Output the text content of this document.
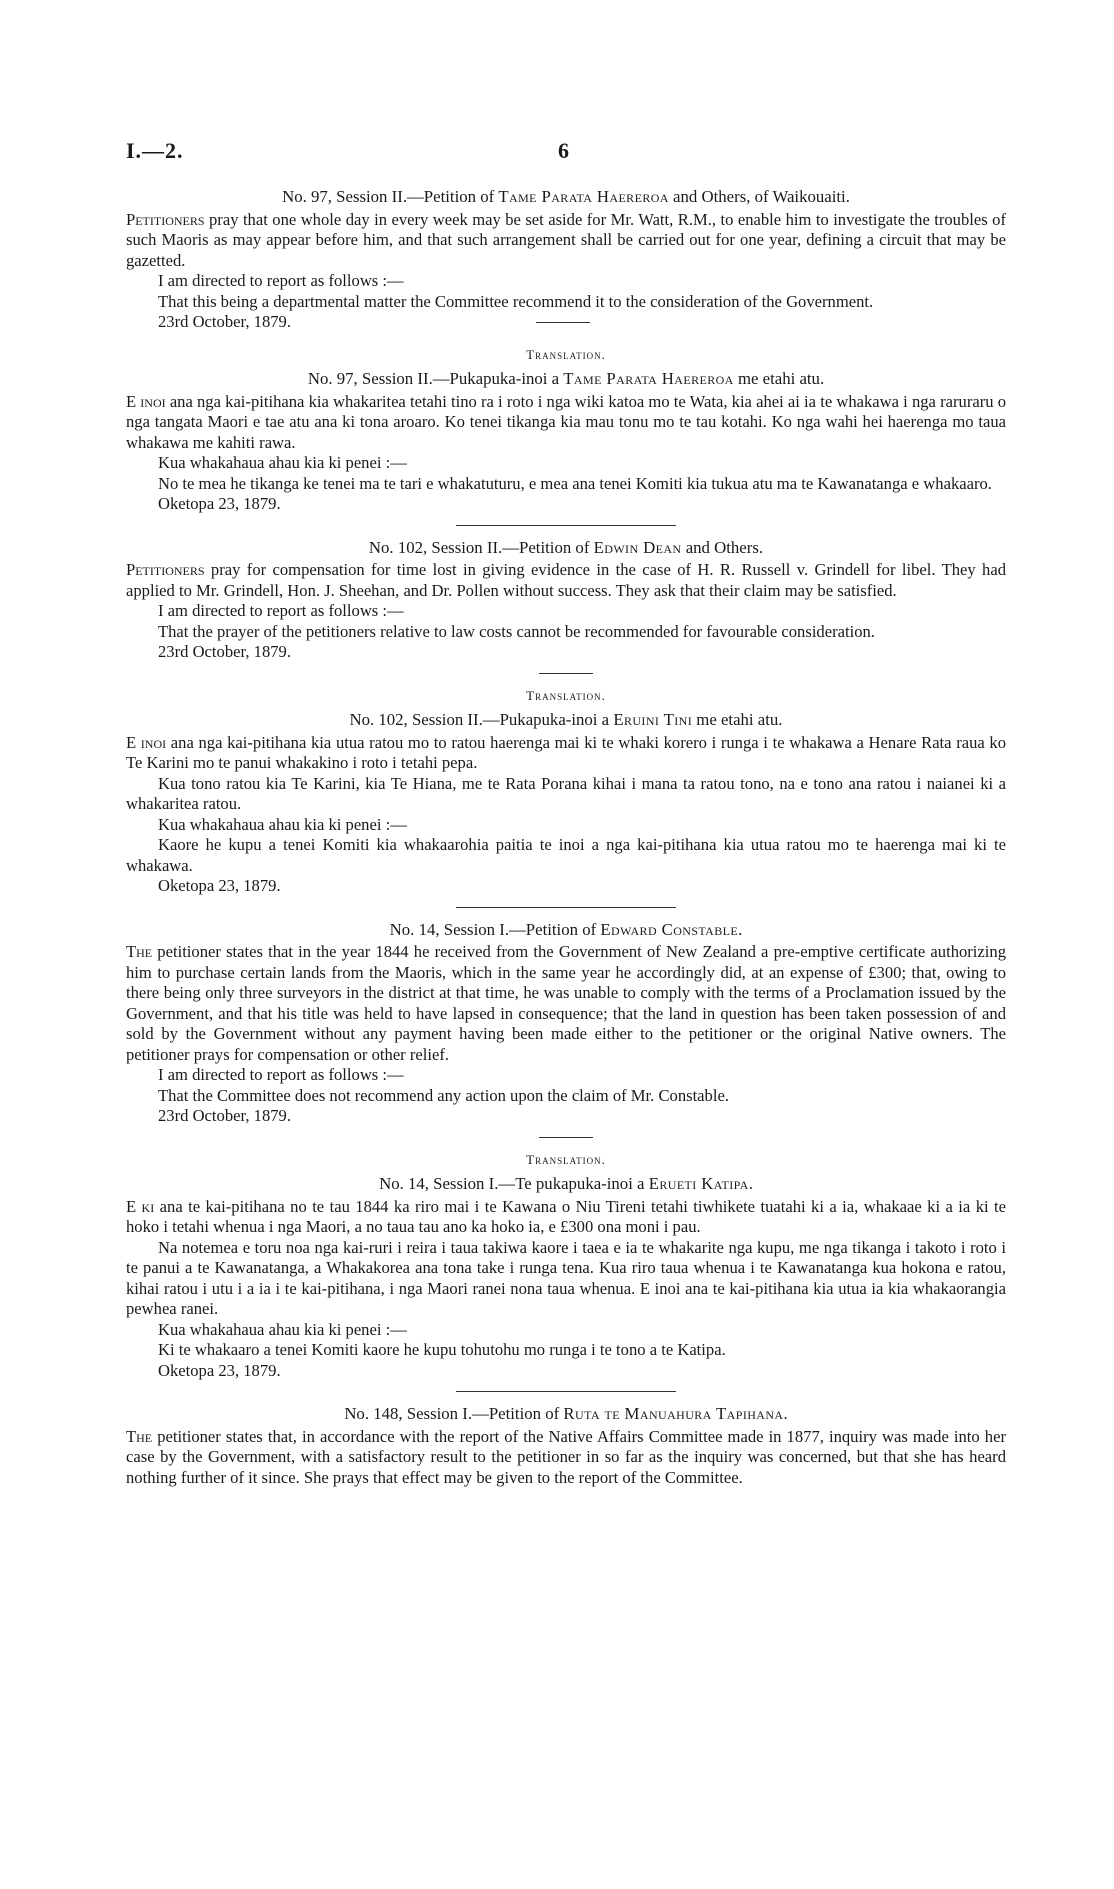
I.—2.	6
No. 97, Session II.—Petition of Tame Parata Haereroa and Others, of Waikouaiti.

Petitioners pray that one whole day in every week may be set aside for Mr. Watt, R.M., to enable him to investigate the troubles of such Maoris as may appear before him, and that such arrangement shall be carried out for one year, defining a circuit that may be gazetted.

I am directed to report as follows :—

That this being a departmental matter the Committee recommend it to the consideration of the Government.

23rd October, 1879.

Translation.
No. 97, Session II.—Pukapuka-inoi a Tame Parata Haereroa me etahi atu.

E inoi ana nga kai-pitihana kia whakaritea tetahi tino ra i roto i nga wiki katoa mo te Wata, kia ahei ai ia te whakawa i nga raruraru o nga tangata Maori e tae atu ana ki tona aroaro. Ko tenei tikanga kia mau tonu mo te tau kotahi. Ko nga wahi hei haerenga mo taua whakawa me kahiti rawa.

Kua whakahaua ahau kia ki penei :—

No te mea he tikanga ke tenei ma te tari e whakatuturu, e mea ana tenei Komiti kia tukua atu ma te Kawanatanga e whakaaro.

Oketopa 23, 1879.

No. 102, Session II.—Petition of Edwin Dean and Others.

Petitioners pray for compensation for time lost in giving evidence in the case of H. R. Russell v. Grindell for libel. They had applied to Mr. Grindell, Hon. J. Sheehan, and Dr. Pollen without success. They ask that their claim may be satisfied.

I am directed to report as follows :—

That the prayer of the petitioners relative to law costs cannot be recommended for favourable consideration.

23rd October, 1879.

Translation.
No. 102, Session II.—Pukapuka-inoi a Eruini Tini me etahi atu.

E inoi ana nga kai-pitihana kia utua ratou mo to ratou haerenga mai ki te whaki korero i runga i te whakawa a Henare Rata raua ko Te Karini mo te panui whakakino i roto i tetahi pepa.

Kua tono ratou kia Te Karini, kia Te Hiana, me te Rata Porana kihai i mana ta ratou tono, na e tono ana ratou i naianei ki a whakaritea ratou.

Kua whakahaua ahau kia ki penei :—

Kaore he kupu a tenei Komiti kia whakaarohia paitia te inoi a nga kai-pitihana kia utua ratou mo te haerenga mai ki te whakawa.

Oketopa 23, 1879.

No. 14, Session I.—Petition of Edward Constable.

The petitioner states that in the year 1844 he received from the Government of New Zealand a pre-emptive certificate authorizing him to purchase certain lands from the Maoris, which in the same year he accordingly did, at an expense of £300; that, owing to there being only three surveyors in the district at that time, he was unable to comply with the terms of a Proclamation issued by the Government, and that his title was held to have lapsed in consequence; that the land in question has been taken possession of and sold by the Government without any payment having been made either to the petitioner or the original Native owners. The petitioner prays for compensation or other relief.

I am directed to report as follows :—

That the Committee does not recommend any action upon the claim of Mr. Constable.

23rd October, 1879.

Translation.
No. 14, Session I.—Te pukapuka-inoi a Erueti Katipa.

E ki ana te kai-pitihana no te tau 1844 ka riro mai i te Kawana o Niu Tireni tetahi tiwhikete tuatahi ki a ia, whakaae ki a ia ki te hoko i tetahi whenua i nga Maori, a no taua tau ano ka hoko ia, e £300 ona moni i pau.

Na notemea e toru noa nga kai-ruri i reira i taua takiwa kaore i taea e ia te whakarite nga kupu, me nga tikanga i takoto i roto i te panui a te Kawanatanga, a Whakakorea ana tona take i runga tena. Kua riro taua whenua i te Kawanatanga kua hokona e ratou, kihai ratou i utu i a ia i te kai-pitihana, i nga Maori ranei nona taua whenua. E inoi ana te kai-pitihana kia utua ia kia whakaorangia pewhea ranei.

Kua whakahaua ahau kia ki penei :—

Ki te whakaaro a tenei Komiti kaore he kupu tohutohu mo runga i te tono a te Katipa.

Oketopa 23, 1879.

No. 148, Session I.—Petition of Ruta te Manuahura Tapihana.

The petitioner states that, in accordance with the report of the Native Affairs Committee made in 1877, inquiry was made into her case by the Government, with a satisfactory result to the petitioner in so far as the inquiry was concerned, but that she has heard nothing further of it since. She prays that effect may be given to the report of the Committee.
